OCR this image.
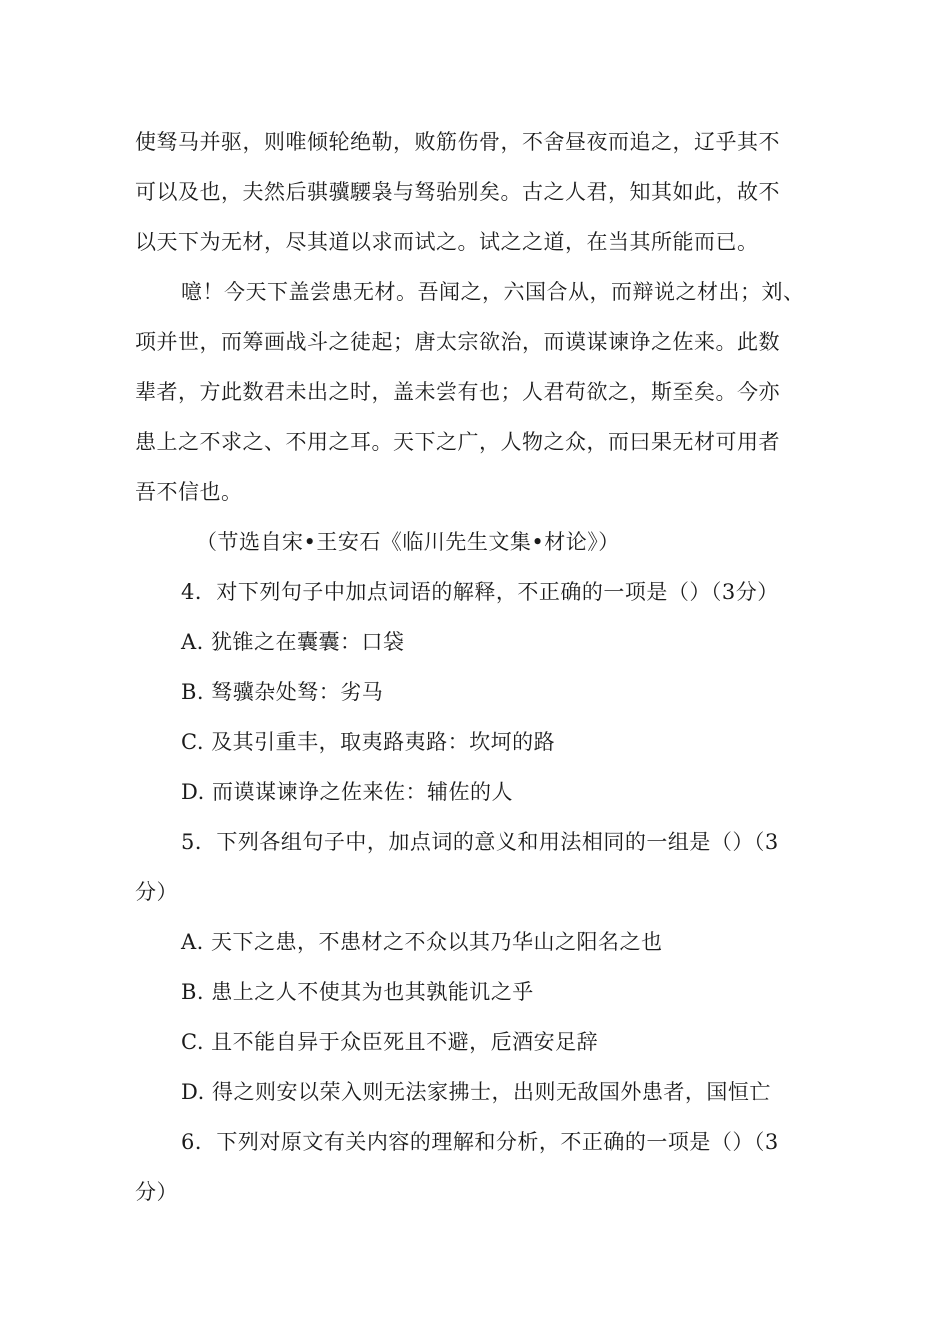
使驽马并驱，则唯倾轮绝勒，败筋伤骨，不舍昼夜而追之，辽乎其不
可以及也，夫然后骐骥騕袅与驽骀别矣。古之人君，知其如此，故不
以天下为无材，尽其道以求而试之。试之之道，在当其所能而已。
噫！今天下盖尝患无材。吾闻之，六国合从，而辩说之材出；刘、
项并世，而筹画战斗之徒起；唐太宗欲治，而谟谋谏诤之佐来。此数
辈者，方此数君未出之时，盖未尝有也；人君苟欲之，斯至矣。今亦
患上之不求之、不用之耳。天下之广，人物之众，而曰果无材可用者
吾不信也。
（节选自宋•王安石《临川先生文集•材论》）
4．对下列句子中加点词语的解释，不正确的一项是（）（3分）
A. 犹锥之在囊囊：口袋
B. 驽骥杂处驽：劣马
C. 及其引重丰，取夷路夷路：坎坷的路
D. 而谟谋谏诤之佐来佐：辅佐的人
5．下列各组句子中，加点词的意义和用法相同的一组是（）（3
分）
A. 天下之患，不患材之不众以其乃华山之阳名之也
B. 患上之人不使其为也其孰能讥之乎
C. 且不能自异于众臣死且不避，卮酒安足辞
D. 得之则安以荣入则无法家拂士，出则无敌国外患者，国恒亡
6．下列对原文有关内容的理解和分析，不正确的一项是（）（3
分）
